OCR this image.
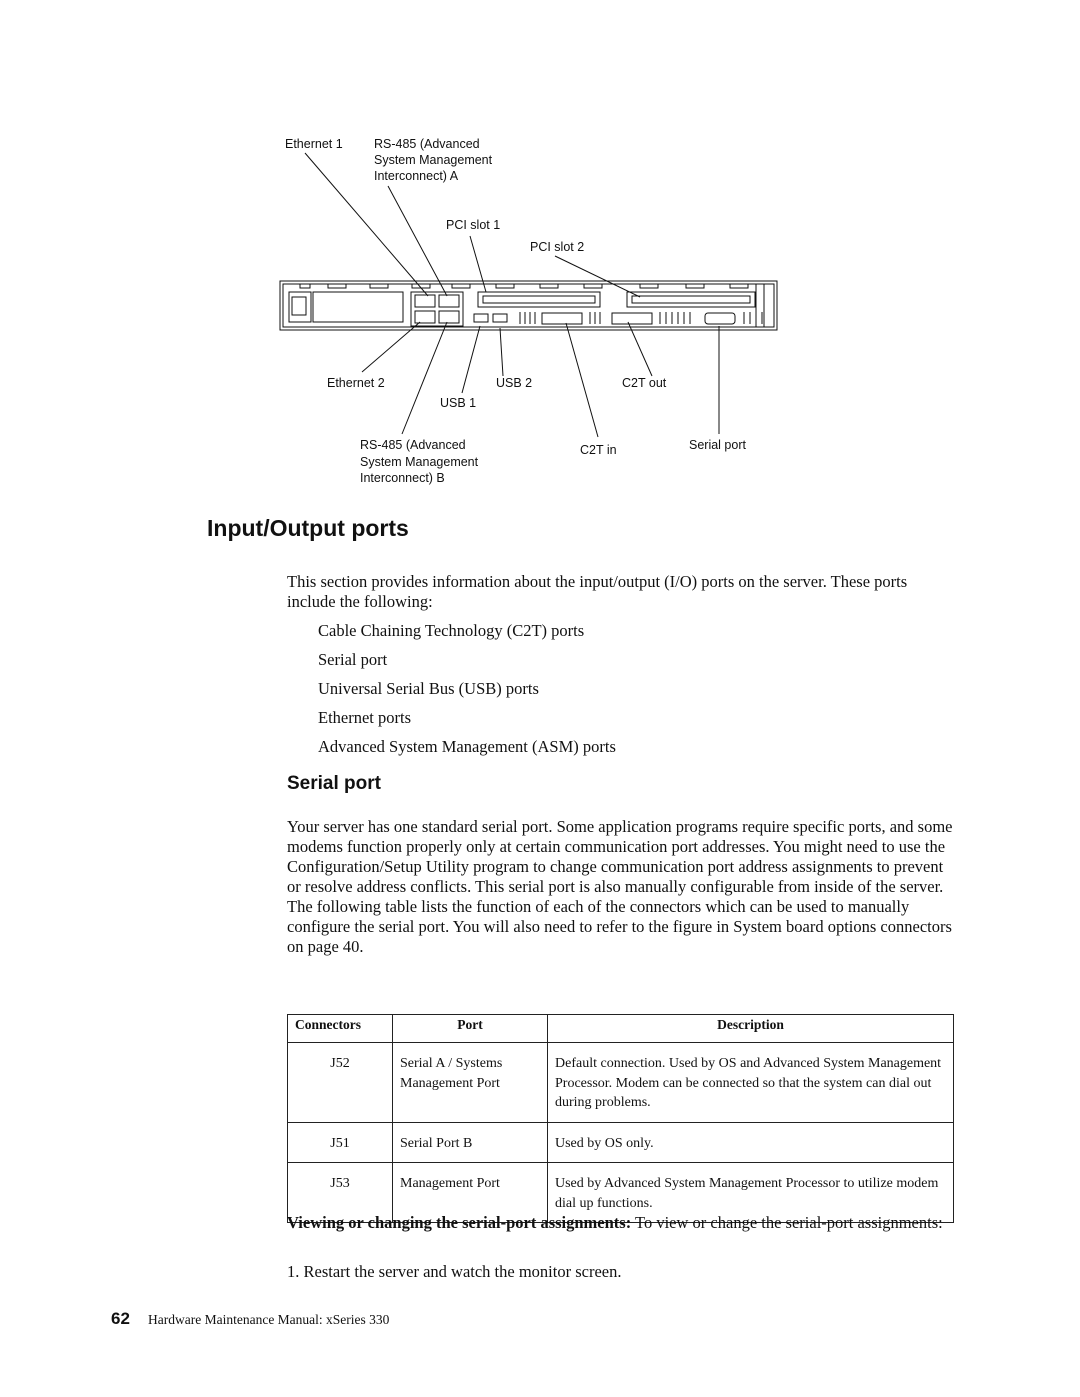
Ethernet 1	RS-485 (Advanced
System Management
Interconnect) A
PCI slot 1
PCI slot 2
Ethernet 2	USB 2	C2T out
USB 1
RS-485 (Advanced
System Management
Interconnect) B
C2T in	Serial port
Input/Output ports

This section provides information about the input/output (I/O) ports on the server. These ports include the following:

Cable Chaining Technology (C2T) ports
Serial port
Universal Serial Bus (USB) ports
Ethernet ports
Advanced System Management (ASM) ports
Serial port

Your server has one standard serial port. Some application programs require specific ports, and some modems function properly only at certain communication port addresses. You might need to use the Configuration/Setup Utility program to change communication port address assignments to prevent or resolve address conflicts. This serial port is also manually configurable from inside of the server. The following table lists the function of each of the connectors which can be used to manually configure the serial port. You will also need to refer to the figure in System board options connectors on page 40.

Connectors	Port	Description
J52	Serial A / Systems Management Port	Default connection. Used by OS and Advanced System Management Processor. Modem can be connected so that the system can dial out during problems.
J51	Serial Port B	Used by OS only.
J53	Management Port	Used by Advanced System Management Processor to utilize modem dial up functions.

Viewing or changing the serial-port assignments: To view or change the serial-port assignments:

1. Restart the server and watch the monitor screen.

62 Hardware Maintenance Manual: xSeries 330
